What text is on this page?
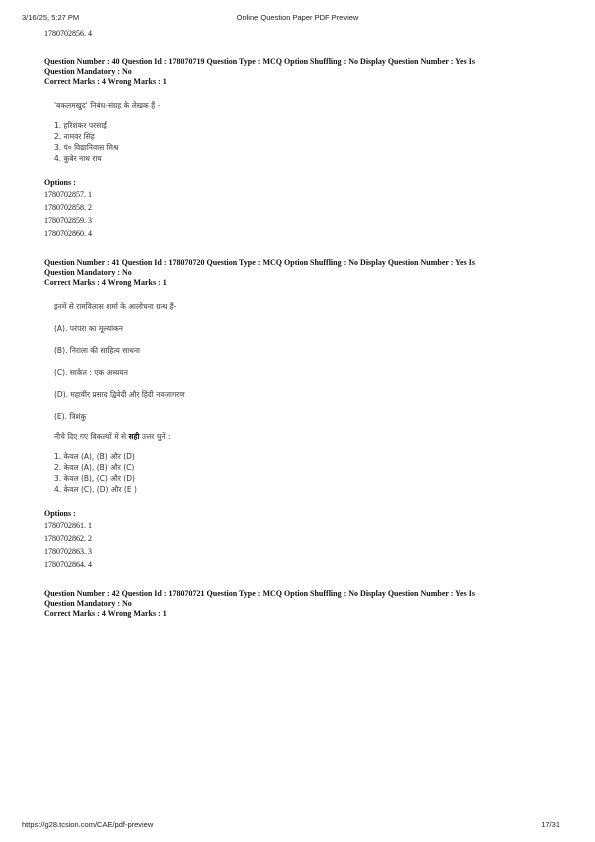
3/16/25, 5:27 PM	Online Question Paper PDF Preview
1780702856. 4
Question Number : 40 Question Id : 178070719 Question Type : MCQ Option Shuffling : No Display Question Number : Yes Is
Question Mandatory : No
Correct Marks : 4 Wrong Marks : 1
'बकलमखुद' निबंध-संग्रह के लेखक हैं -
1. हरिशंकर परसाई
2. नामवर सिंह
3. पं० विद्यानिवास मिश्र
4. कुबेर नाथ राय
Options :
1780702857. 1
1780702858. 2
1780702859. 3
1780702860. 4
Question Number : 41 Question Id : 178070720 Question Type : MCQ Option Shuffling : No Display Question Number : Yes Is
Question Mandatory : No
Correct Marks : 4 Wrong Marks : 1
इनमें से रामविलास शर्मा के आलोचना ग्रन्थ हैं-
(A). परंपरा का मूल्यांकन
(B). निराला की साहित्य साधना
(C). साकेत : एक अध्ययन
(D). महावीर प्रसाद द्विवेदी और हिंदी नवजागरण
(E). त्रिशंकु
नीचे दिए गए विकल्पों में से सही उत्तर चुनें :
1. केवल (A), (B) और (D)
2. केवल (A), (B) और (C)
3. केवल (B), (C) और (D)
4. केवल (C), (D) और (E )
Options :
1780702861. 1
1780702862. 2
1780702863. 3
1780702864. 4
Question Number : 42 Question Id : 178070721 Question Type : MCQ Option Shuffling : No Display Question Number : Yes Is
Question Mandatory : No
Correct Marks : 4 Wrong Marks : 1
https://g28.tcsion.com/CAE/pdf-preview	17/31
